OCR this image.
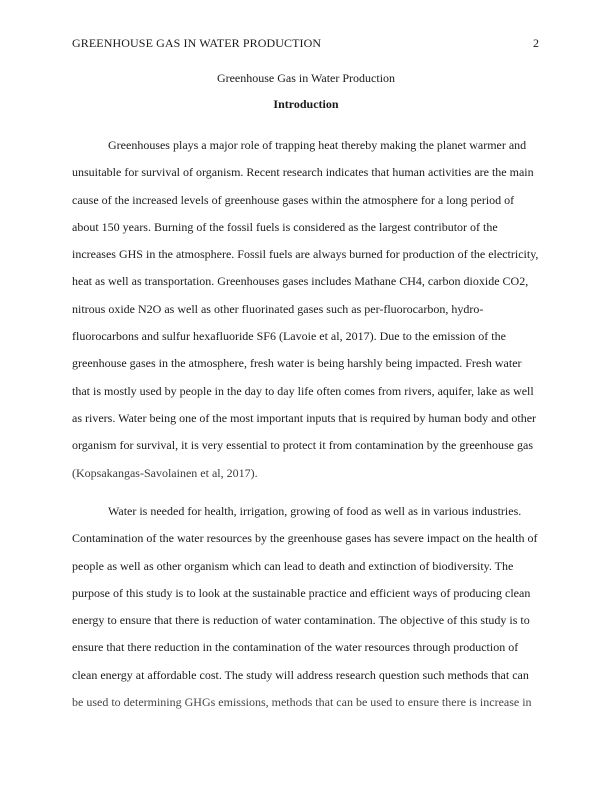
GREENHOUSE GAS IN WATER PRODUCTION	2
Greenhouse Gas in Water Production
Introduction
Greenhouses plays a major role of trapping heat thereby making the planet warmer and
unsuitable for survival of organism. Recent research indicates that human activities are the main
cause of the increased levels of greenhouse gases within the atmosphere for a long period of
about 150 years. Burning of the fossil fuels is considered as the largest contributor of the
increases GHS in the atmosphere. Fossil fuels are always burned for production of the electricity,
heat as well as transportation. Greenhouses gases includes Mathane CH4, carbon dioxide CO2,
nitrous oxide N2O as well as other fluorinated gases such as per-fluorocarbon, hydro-
fluorocarbons and sulfur hexafluoride SF6 (Lavoie et al, 2017). Due to the emission of the
greenhouse gases in the atmosphere, fresh water is being harshly being impacted. Fresh water
that is mostly used by people in the day to day life often comes from rivers, aquifer, lake as well
as rivers. Water being one of the most important inputs that is required by human body and other
organism for survival, it is very essential to protect it from contamination by the greenhouse gas
(Kopsakangas-Savolainen et al, 2017).
Water is needed for health, irrigation, growing of food as well as in various industries.
Contamination of the water resources by the greenhouse gases has severe impact on the health of
people as well as other organism which can lead to death and extinction of biodiversity. The
purpose of this study is to look at the sustainable practice and efficient ways of producing clean
energy to ensure that there is reduction of water contamination. The objective of this study is to
ensure that there reduction in the contamination of the water resources through production of
clean energy at affordable cost. The study will address research question such methods that can
be used to determining GHGs emissions, methods that can be used to ensure there is increase in
